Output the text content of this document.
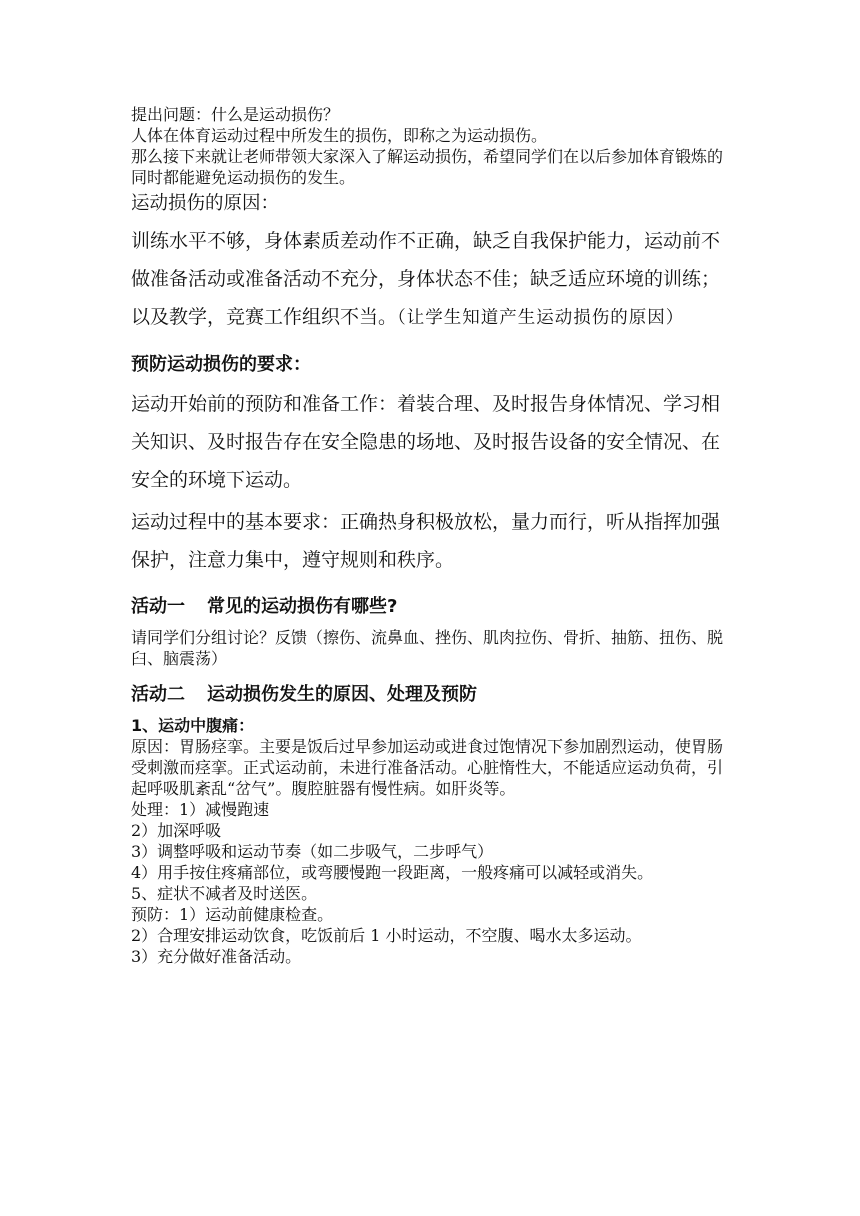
提出问题：什么是运动损伤？

人体在体育运动过程中所发生的损伤，即称之为运动损伤。

那么接下来就让老师带领大家深入了解运动损伤，希望同学们在以后参加体育锻炼的同时都能避免运动损伤的发生。

运动损伤的原因：

训练水平不够，身体素质差动作不正确，缺乏自我保护能力，运动前不做准备活动或准备活动不充分，身体状态不佳；缺乏适应环境的训练；以及教学，竞赛工作组织不当。（让学生知道产生运动损伤的原因）

预防运动损伤的要求：

运动开始前的预防和准备工作：着装合理、及时报告身体情况、学习相关知识、及时报告存在安全隐患的场地、及时报告设备的安全情况、在安全的环境下运动。

运动过程中的基本要求：正确热身积极放松，量力而行，听从指挥加强保护，注意力集中，遵守规则和秩序。

活动一 常见的运动损伤有哪些?

请同学们分组讨论？反馈（擦伤、流鼻血、挫伤、肌肉拉伤、骨折、抽筋、扭伤、脱臼、脑震荡）

活动二 运动损伤发生的原因、处理及预防

1、运动中腹痛：

原因：胃肠痉挛。主要是饭后过早参加运动或进食过饱情况下参加剧烈运动，使胃肠受刺激而痉挛。正式运动前，未进行准备活动。心脏惰性大，不能适应运动负荷，引起呼吸肌紊乱“岔气”。腹腔脏器有慢性病。如肝炎等。

处理：1）减慢跑速

2）加深呼吸

3）调整呼吸和运动节奏（如二步吸气，二步呼气）

4）用手按住疼痛部位，或弯腰慢跑一段距离，一般疼痛可以减轻或消失。

5、症状不减者及时送医。

预防：1）运动前健康检查。

2）合理安排运动饮食，吃饭前后 1 小时运动，不空腹、喝水太多运动。

3）充分做好准备活动。
